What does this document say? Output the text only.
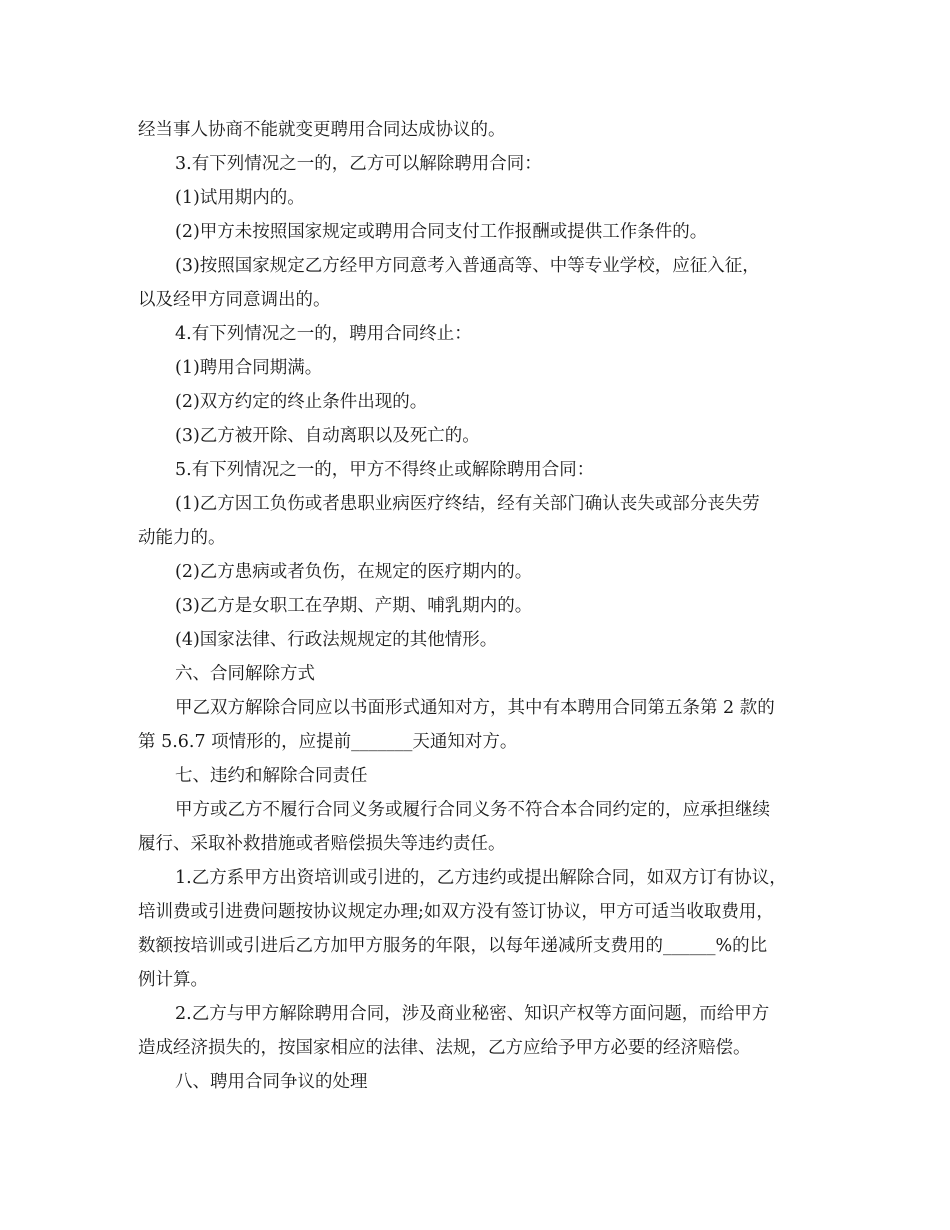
经当事人协商不能就变更聘用合同达成协议的。
3.有下列情况之一的，乙方可以解除聘用合同：
(1)试用期内的。
(2)甲方未按照国家规定或聘用合同支付工作报酬或提供工作条件的。
(3)按照国家规定乙方经甲方同意考入普通高等、中等专业学校，应征入征，
以及经甲方同意调出的。
4.有下列情况之一的，聘用合同终止：
(1)聘用合同期满。
(2)双方约定的终止条件出现的。
(3)乙方被开除、自动离职以及死亡的。
5.有下列情况之一的，甲方不得终止或解除聘用合同：
(1)乙方因工负伤或者患职业病医疗终结，经有关部门确认丧失或部分丧失劳
动能力的。
(2)乙方患病或者负伤，在规定的医疗期内的。
(3)乙方是女职工在孕期、产期、哺乳期内的。
(4)国家法律、行政法规规定的其他情形。
六、合同解除方式
甲乙双方解除合同应以书面形式通知对方，其中有本聘用合同第五条第 2 款的
第 5.6.7 项情形的，应提前_______天通知对方。
七、违约和解除合同责任
甲方或乙方不履行合同义务或履行合同义务不符合本合同约定的，应承担继续
履行、采取补救措施或者赔偿损失等违约责任。
1.乙方系甲方出资培训或引进的，乙方违约或提出解除合同，如双方订有协议，
培训费或引进费问题按协议规定办理;如双方没有签订协议，甲方可适当收取费用，
数额按培训或引进后乙方加甲方服务的年限，以每年递减所支费用的______%的比
例计算。
2.乙方与甲方解除聘用合同，涉及商业秘密、知识产权等方面问题，而给甲方
造成经济损失的，按国家相应的法律、法规，乙方应给予甲方必要的经济赔偿。
八、聘用合同争议的处理
